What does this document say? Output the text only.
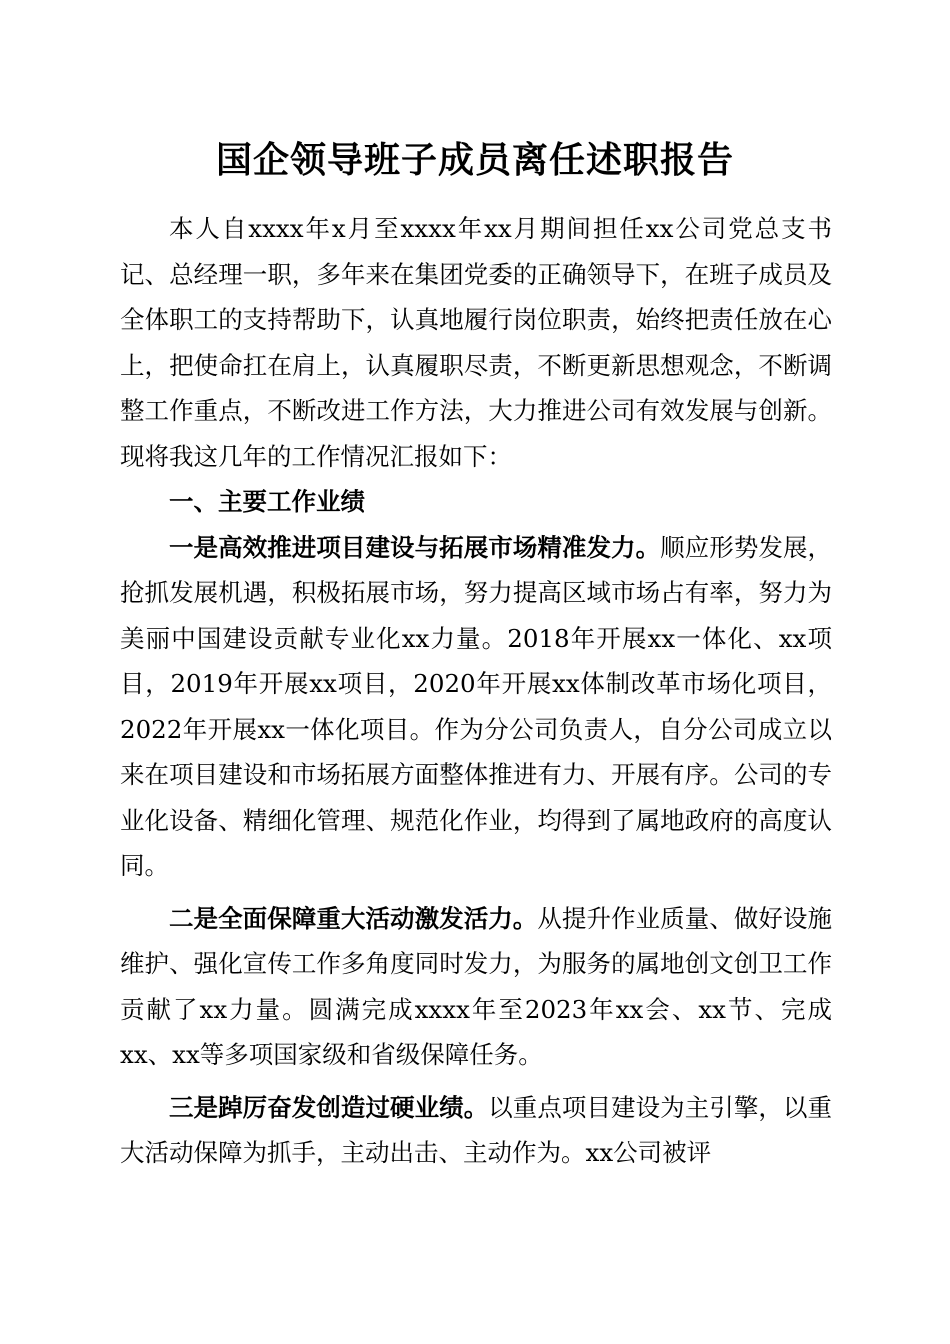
国企领导班子成员离任述职报告

本人自xxxx年x月至xxxx年xx月期间担任xx公司党总支书记、总经理一职，多年来在集团党委的正确领导下，在班子成员及全体职工的支持帮助下，认真地履行岗位职责，始终把责任放在心上，把使命扛在肩上，认真履职尽责，不断更新思想观念，不断调整工作重点，不断改进工作方法，大力推进公司有效发展与创新。现将我这几年的工作情况汇报如下：

一、主要工作业绩

一是高效推进项目建设与拓展市场精准发力。顺应形势发展，抢抓发展机遇，积极拓展市场，努力提高区域市场占有率，努力为美丽中国建设贡献专业化xx力量。2018年开展xx一体化、xx项目，2019年开展xx项目，2020年开展xx体制改革市场化项目，2022年开展xx一体化项目。作为分公司负责人，自分公司成立以来在项目建设和市场拓展方面整体推进有力、开展有序。公司的专业化设备、精细化管理、规范化作业，均得到了属地政府的高度认同。

二是全面保障重大活动激发活力。从提升作业质量、做好设施维护、强化宣传工作多角度同时发力，为服务的属地创文创卫工作贡献了xx力量。圆满完成xxxx年至2023年xx会、xx节、完成xx、xx等多项国家级和省级保障任务。

三是踔厉奋发创造过硬业绩。以重点项目建设为主引擎，以重大活动保障为抓手，主动出击、主动作为。xx公司被评
